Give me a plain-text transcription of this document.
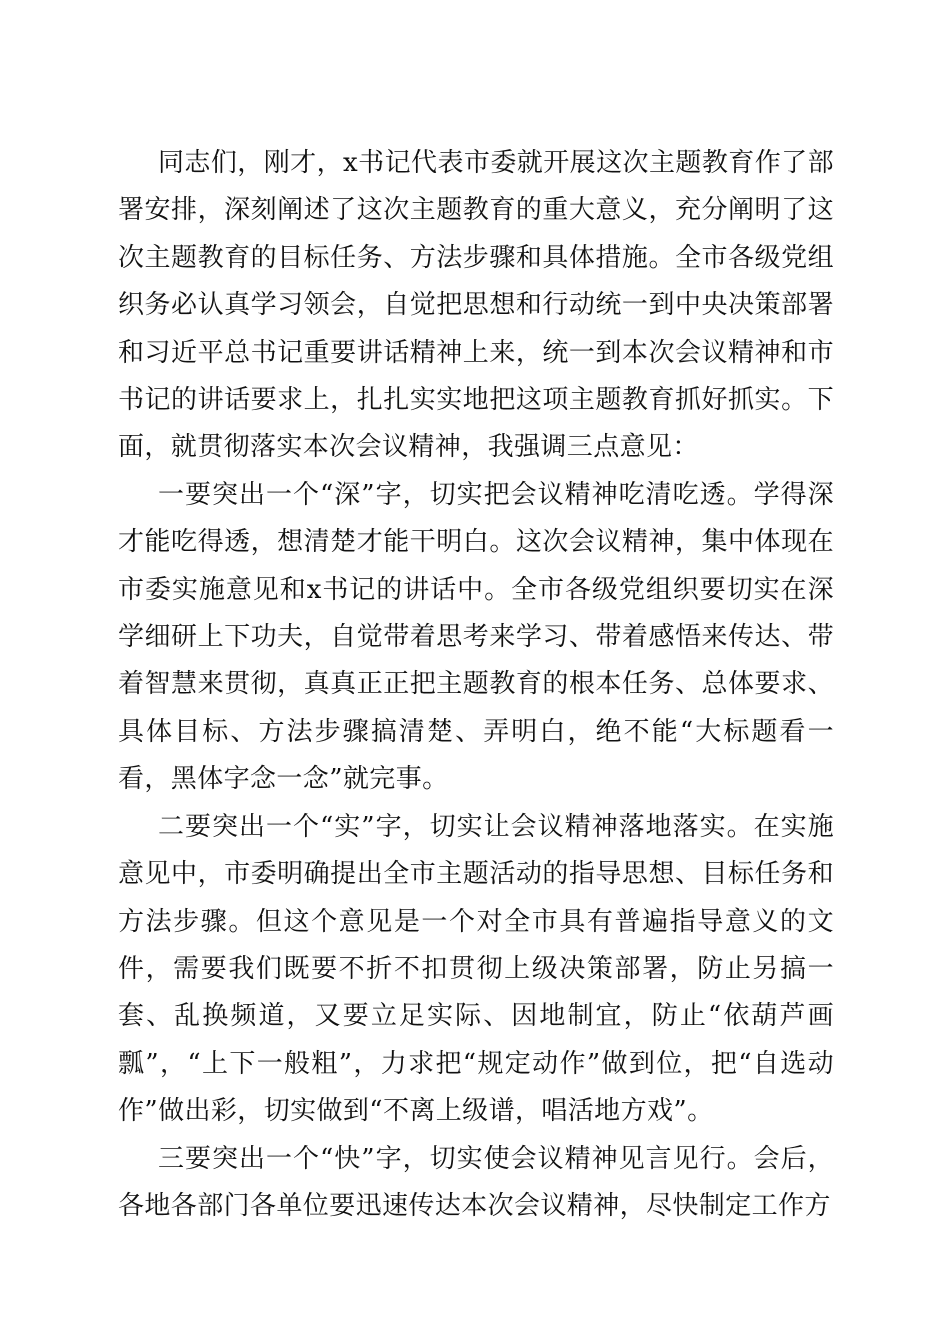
同志们，刚才，x书记代表市委就开展这次主题教育作了部署安排，深刻阐述了这次主题教育的重大意义，充分阐明了这次主题教育的目标任务、方法步骤和具体措施。全市各级党组织务必认真学习领会，自觉把思想和行动统一到中央决策部署和习近平总书记重要讲话精神上来，统一到本次会议精神和市书记的讲话要求上，扎扎实实地把这项主题教育抓好抓实。下面，就贯彻落实本次会议精神，我强调三点意见：

一要突出一个“深”字，切实把会议精神吃清吃透。学得深才能吃得透，想清楚才能干明白。这次会议精神，集中体现在市委实施意见和x书记的讲话中。全市各级党组织要切实在深学细研上下功夫，自觉带着思考来学习、带着感悟来传达、带着智慧来贯彻，真真正正把主题教育的根本任务、总体要求、具体目标、方法步骤搞清楚、弄明白，绝不能“大标题看一看，黑体字念一念”就完事。

二要突出一个“实”字，切实让会议精神落地落实。在实施意见中，市委明确提出全市主题活动的指导思想、目标任务和方法步骤。但这个意见是一个对全市具有普遍指导意义的文件，需要我们既要不折不扣贯彻上级决策部署，防止另搞一套、乱换频道，又要立足实际、因地制宜，防止“依葫芦画瓢”，“上下一般粗”，力求把“规定动作”做到位，把“自选动作”做出彩，切实做到“不离上级谱，唱活地方戏”。

三要突出一个“快”字，切实使会议精神见言见行。会后，各地各部门各单位要迅速传达本次会议精神，尽快制定工作方
